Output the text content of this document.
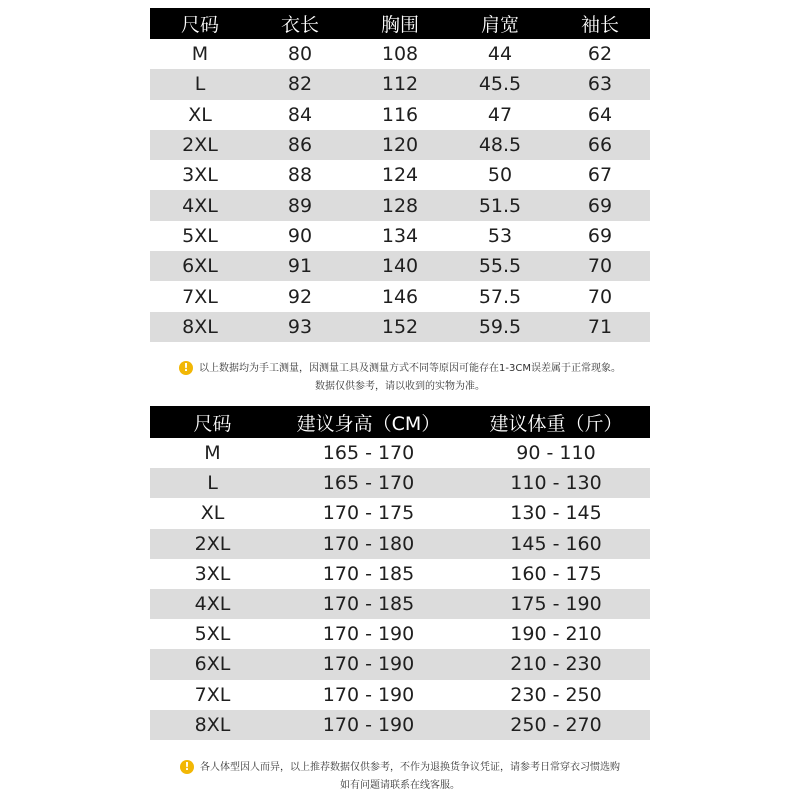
尺码	衣长	胸围	肩宽	袖长
M	80	108	44	62
L	82	112	45.5	63
XL	84	116	47	64
2XL	86	120	48.5	66
3XL	88	124	50	67
4XL	89	128	51.5	69
5XL	90	134	53	69
6XL	91	140	55.5	70
7XL	92	146	57.5	70
8XL	93	152	59.5	71
! 以上数据均为手工测量，因测量工具及测量方式不同等原因可能存在1-3CM误差属于正常现象。
数据仅供参考，请以收到的实物为准。
尺码	建议身高（CM）	建议体重（斤）
M	165 - 170	90 - 110
L	165 - 170	110 - 130
XL	170 - 175	130 - 145
2XL	170 - 180	145 - 160
3XL	170 - 185	160 - 175
4XL	170 - 185	175 - 190
5XL	170 - 190	190 - 210
6XL	170 - 190	210 - 230
7XL	170 - 190	230 - 250
8XL	170 - 190	250 - 270
! 各人体型因人而异，以上推荐数据仅供参考，不作为退换货争议凭证，请参考日常穿衣习惯选购
如有问题请联系在线客服。
